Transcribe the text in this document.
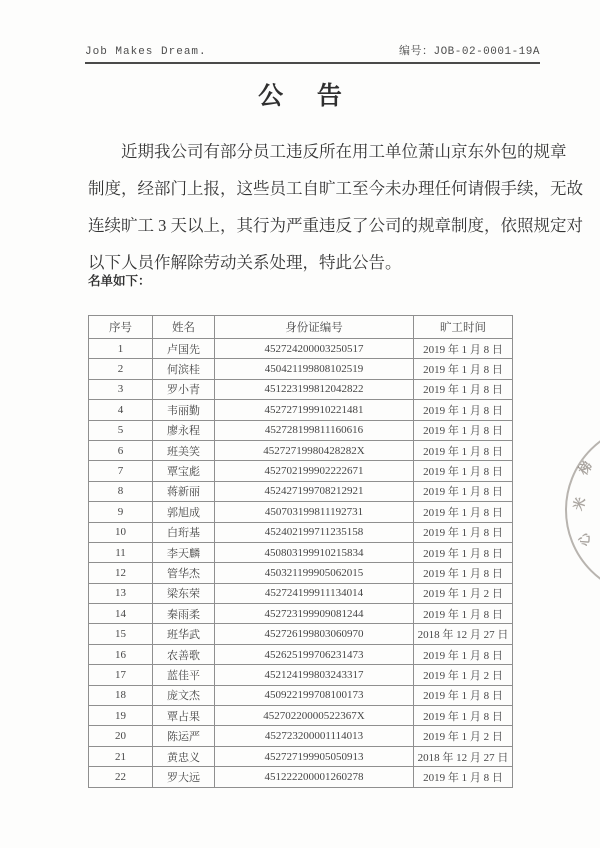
Job Makes Dream.	编号：JOB-02-0001-19A
公 告
近期我公司有部分员工违反所在用工单位萧山京东外包的规章
制度，经部门上报，这些员工自旷工至今未办理任何请假手续，无故
连续旷工 3 天以上，其行为严重违反了公司的规章制度，依照规定对
以下人员作解除劳动关系处理，特此公告。
名单如下：
序号	姓名	身份证编号	旷工时间
1	卢国先	452724200003250517	2019 年 1 月 8 日
2	何滨桂	450421199808102519	2019 年 1 月 8 日
3	罗小青	451223199812042822	2019 年 1 月 8 日
4	韦丽勤	452727199910221481	2019 年 1 月 8 日
5	廖永程	452728199811160616	2019 年 1 月 8 日
6	班美笑	45272719980428282X	2019 年 1 月 8 日
7	覃宝彪	452702199902222671	2019 年 1 月 8 日
8	蒋新丽	452427199708212921	2019 年 1 月 8 日
9	郭旭成	450703199811192731	2019 年 1 月 8 日
10	白珩基	452402199711235158	2019 年 1 月 8 日
11	李天麟	450803199910215834	2019 年 1 月 8 日
12	管华杰	450321199905062015	2019 年 1 月 8 日
13	梁东荣	452724199911134014	2019 年 1 月 2 日
14	秦雨柔	452723199909081244	2019 年 1 月 8 日
15	班华武	452726199803060970	2018 年 12 月 27 日
16	农善歌	452625199706231473	2019 年 1 月 8 日
17	蓝佳平	452124199803243317	2019 年 1 月 2 日
18	庞文杰	450922199708100173	2019 年 1 月 8 日
19	覃占果	45270220000522367X	2019 年 1 月 8 日
20	陈运严	452723200001114013	2019 年 1 月 2 日
21	黄忠义	452727199905050913	2018 年 12 月 27 日
22	罗大远	451222200001260278	2019 年 1 月 8 日
梯
米
心
